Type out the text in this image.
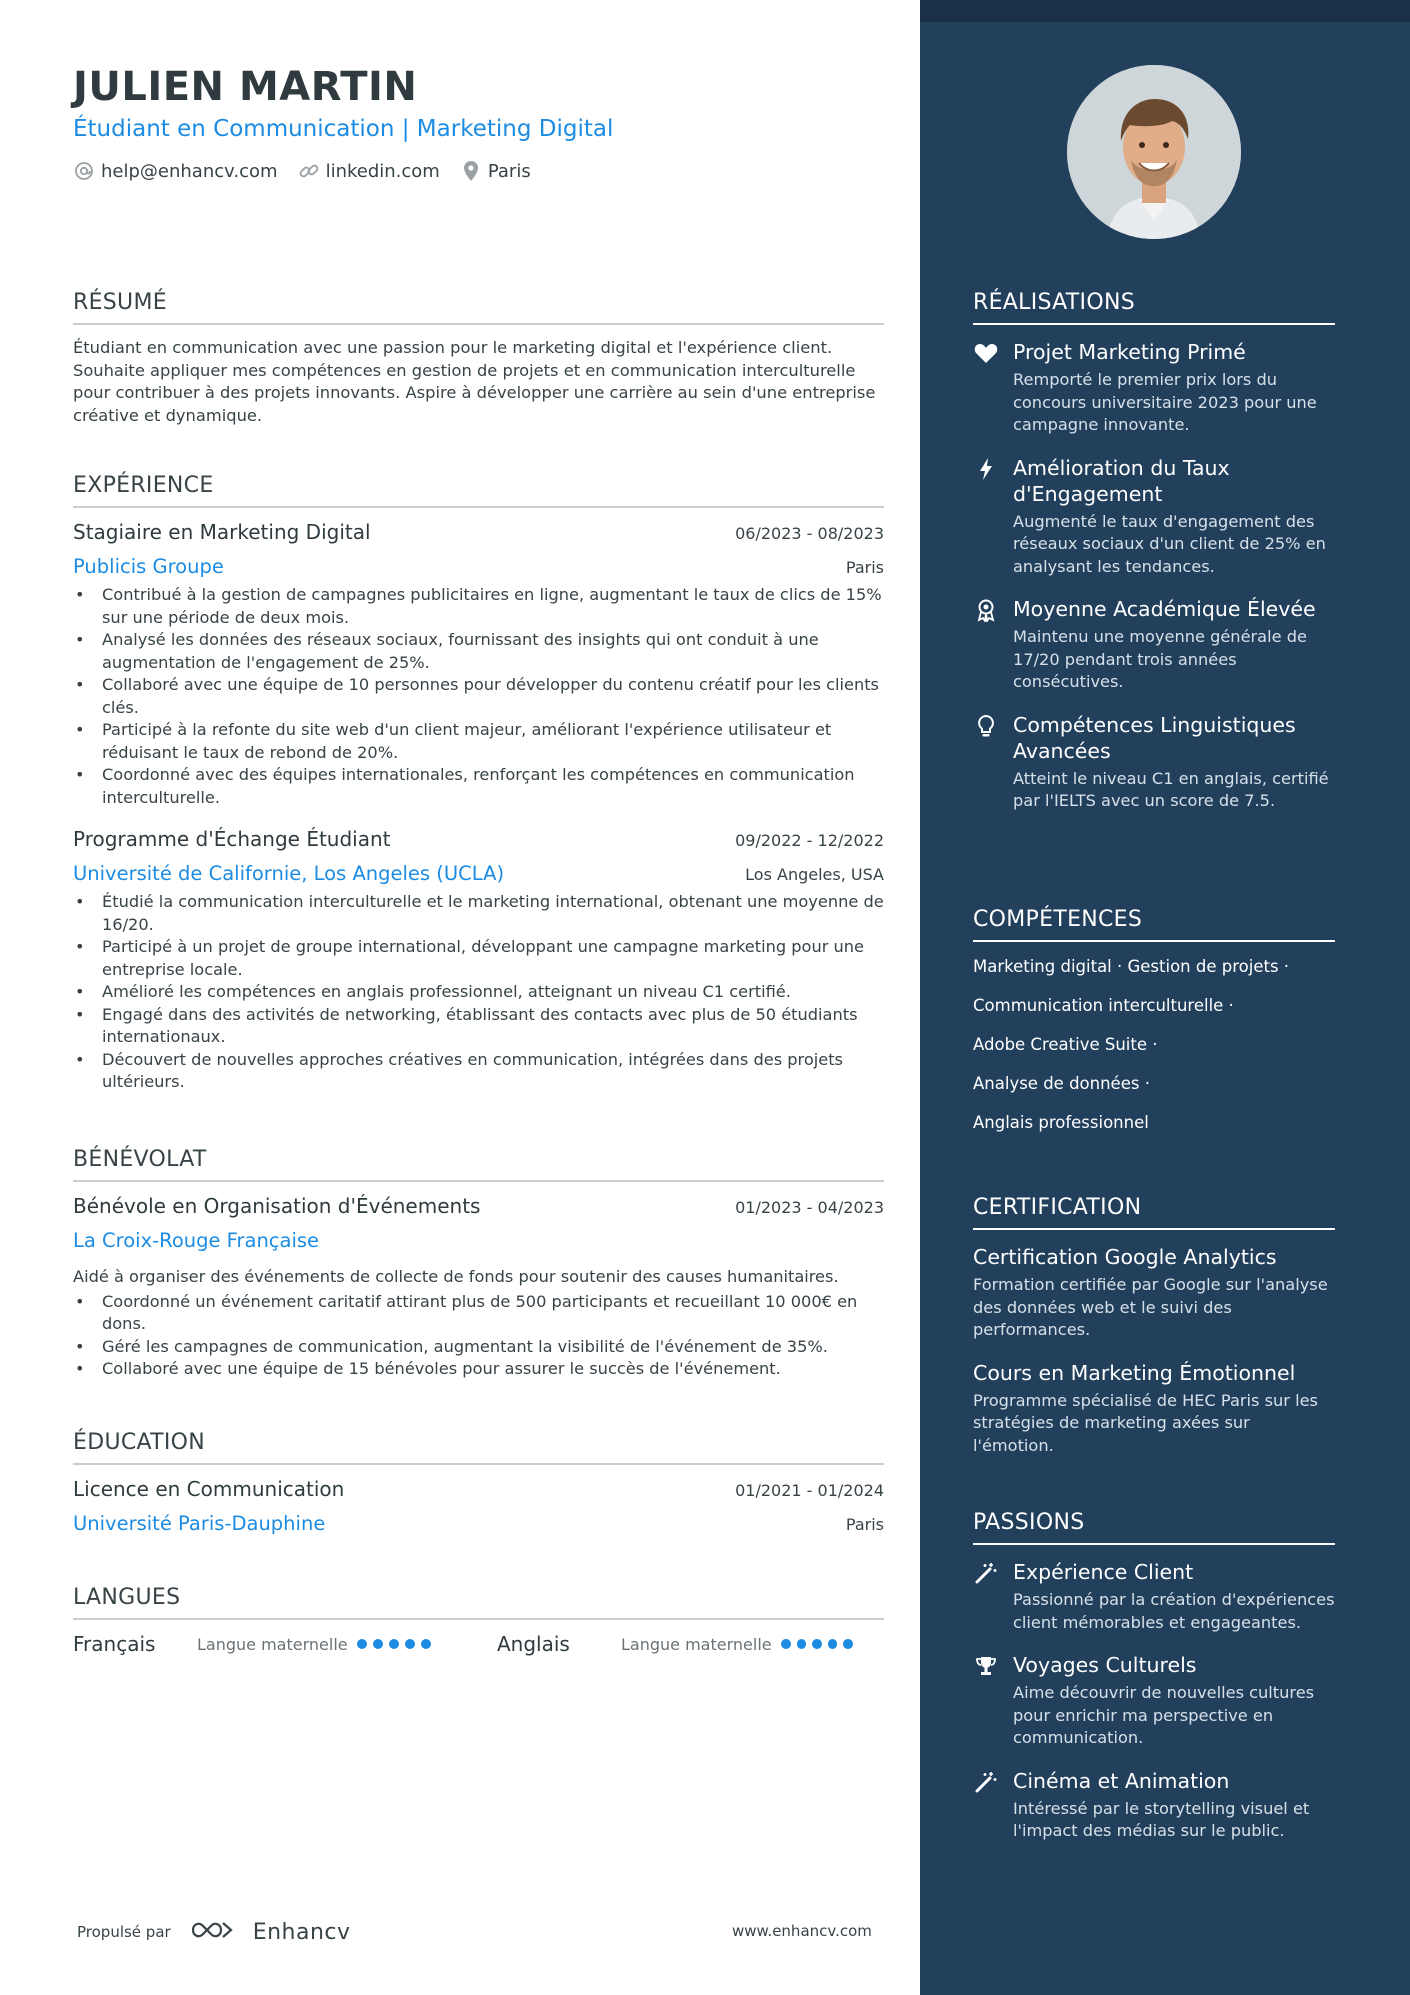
JULIEN MARTIN
Étudiant en Communication | Marketing Digital
help@enhancv.com	linkedin.com	Paris
RÉSUMÉ
Étudiant en communication avec une passion pour le marketing digital et l'expérience client. Souhaite appliquer mes compétences en gestion de projets et en communication interculturelle pour contribuer à des projets innovants. Aspire à développer une carrière au sein d'une entreprise créative et dynamique.
EXPÉRIENCE
Stagiaire en Marketing Digital	06/2023 - 08/2023
Publicis Groupe	Paris
• Contribué à la gestion de campagnes publicitaires en ligne, augmentant le taux de clics de 15% sur une période de deux mois.
• Analysé les données des réseaux sociaux, fournissant des insights qui ont conduit à une augmentation de l'engagement de 25%.
• Collaboré avec une équipe de 10 personnes pour développer du contenu créatif pour les clients clés.
• Participé à la refonte du site web d'un client majeur, améliorant l'expérience utilisateur et réduisant le taux de rebond de 20%.
• Coordonné avec des équipes internationales, renforçant les compétences en communication interculturelle.
Programme d'Échange Étudiant	09/2022 - 12/2022
Université de Californie, Los Angeles (UCLA)	Los Angeles, USA
• Étudié la communication interculturelle et le marketing international, obtenant une moyenne de 16/20.
• Participé à un projet de groupe international, développant une campagne marketing pour une entreprise locale.
• Amélioré les compétences en anglais professionnel, atteignant un niveau C1 certifié.
• Engagé dans des activités de networking, établissant des contacts avec plus de 50 étudiants internationaux.
• Découvert de nouvelles approches créatives en communication, intégrées dans des projets ultérieurs.
BÉNÉVOLAT
Bénévole en Organisation d'Événements	01/2023 - 04/2023
La Croix-Rouge Française
Aidé à organiser des événements de collecte de fonds pour soutenir des causes humanitaires.
• Coordonné un événement caritatif attirant plus de 500 participants et recueillant 10 000€ en dons.
• Géré les campagnes de communication, augmentant la visibilité de l'événement de 35%.
• Collaboré avec une équipe de 15 bénévoles pour assurer le succès de l'événement.
ÉDUCATION
Licence en Communication	01/2021 - 01/2024
Université Paris-Dauphine	Paris
LANGUES
Français	Langue maternelle	Anglais	Langue maternelle
Propulsé par	Enhancv	www.enhancv.com
RÉALISATIONS
Projet Marketing Primé
Remporté le premier prix lors du concours universitaire 2023 pour une campagne innovante.
Amélioration du Taux d'Engagement
Augmenté le taux d'engagement des réseaux sociaux d'un client de 25% en analysant les tendances.
Moyenne Académique Élevée
Maintenu une moyenne générale de 17/20 pendant trois années consécutives.
Compétences Linguistiques Avancées
Atteint le niveau C1 en anglais, certifié par l'IELTS avec un score de 7.5.
COMPÉTENCES
Marketing digital · Gestion de projets ·
Communication interculturelle ·
Adobe Creative Suite ·
Analyse de données ·
Anglais professionnel
CERTIFICATION
Certification Google Analytics
Formation certifiée par Google sur l'analyse des données web et le suivi des performances.
Cours en Marketing Émotionnel
Programme spécialisé de HEC Paris sur les stratégies de marketing axées sur l'émotion.
PASSIONS
Expérience Client
Passionné par la création d'expériences client mémorables et engageantes.
Voyages Culturels
Aime découvrir de nouvelles cultures pour enrichir ma perspective en communication.
Cinéma et Animation
Intéressé par le storytelling visuel et l'impact des médias sur le public.
